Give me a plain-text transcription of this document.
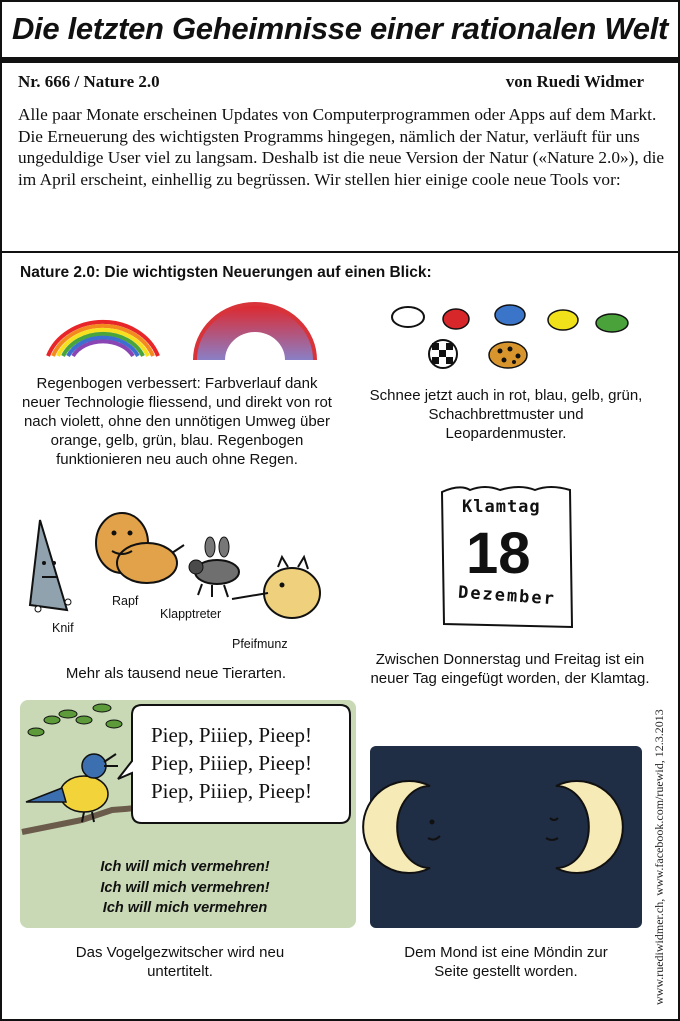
Die letzten Geheimnisse einer rationalen Welt
Nr. 666 / Nature 2.0	von Ruedi Widmer
Alle paar Monate erscheinen Updates von Computerprogrammen oder Apps auf dem Markt. Die Erneuerung des wichtigsten Programms hingegen, nämlich der Natur, verläuft für uns ungeduldige User viel zu langsam. Deshalb ist die neue Version der Natur («Nature 2.0»), die im April erscheint, einhellig zu begrüssen. Wir stellen hier einige coole neue Tools vor:
Nature 2.0: Die wichtigsten Neuerungen auf einen Blick:
Regenbogen verbessert: Farbverlauf dank neuer Technologie fliessend, und direkt von rot nach violett, ohne den unnötigen Umweg über orange, gelb, grün, blau. Regenbogen funktionieren neu auch ohne Regen.
Schnee jetzt auch in rot, blau, gelb, grün, Schachbrettmuster und Leopardenmuster.
Knif
Rapf
Klapptreter
Pfeifmunz
Mehr als tausend neue Tierarten.
Klamtag
18
Dezember
Zwischen Donnerstag und Freitag ist ein neuer Tag eingefügt worden, der Klamtag.
Piep, Piiiep, Pieep!
Piep, Piiiep, Pieep!
Piep, Piiiep, Pieep!
Ich will mich vermehren!
Ich will mich vermehren!
Ich will mich vermehren
Das Vogelgezwitscher wird neu untertitelt.
Dem Mond ist eine Möndin zur Seite gestellt worden.	www.ruediwidmer.ch, www.facebook.com/ruewid, 12.3.2013
